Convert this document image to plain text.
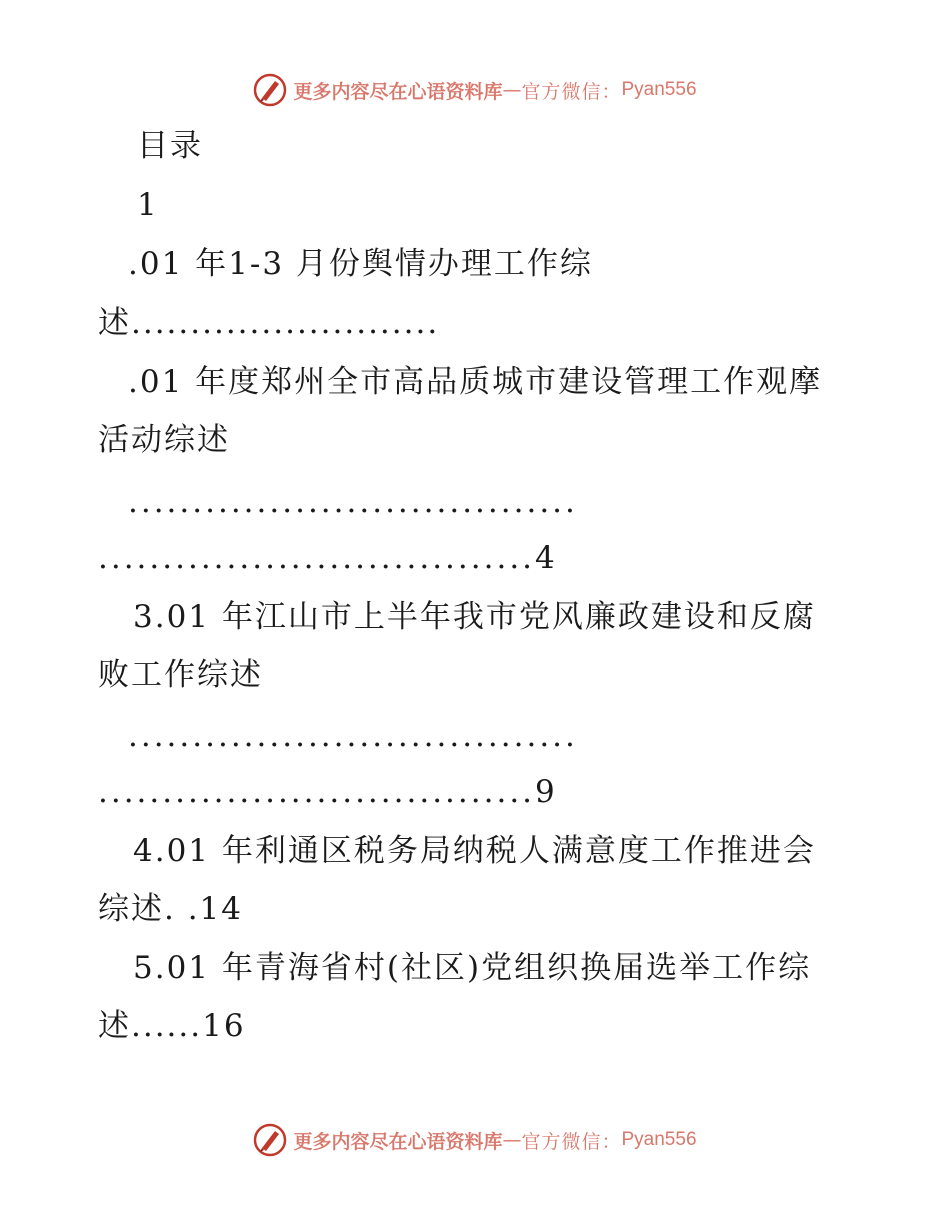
更多内容尽在心语资料库 — 官方微信： Pyan556
目录
1
.01 年1-3 月份舆情办理工作综
述..........................
.01 年度郑州全市高品质城市建设管理工作观摩
活动综述
...................................
..................................4
3.01 年江山市上半年我市党风廉政建设和反腐
败工作综述
...................................
..................................9
4.01 年利通区税务局纳税人满意度工作推进会
综述. .14
5.01 年青海省村(社区)党组织换届选举工作综
述......16
更多内容尽在心语资料库 — 官方微信： Pyan556
